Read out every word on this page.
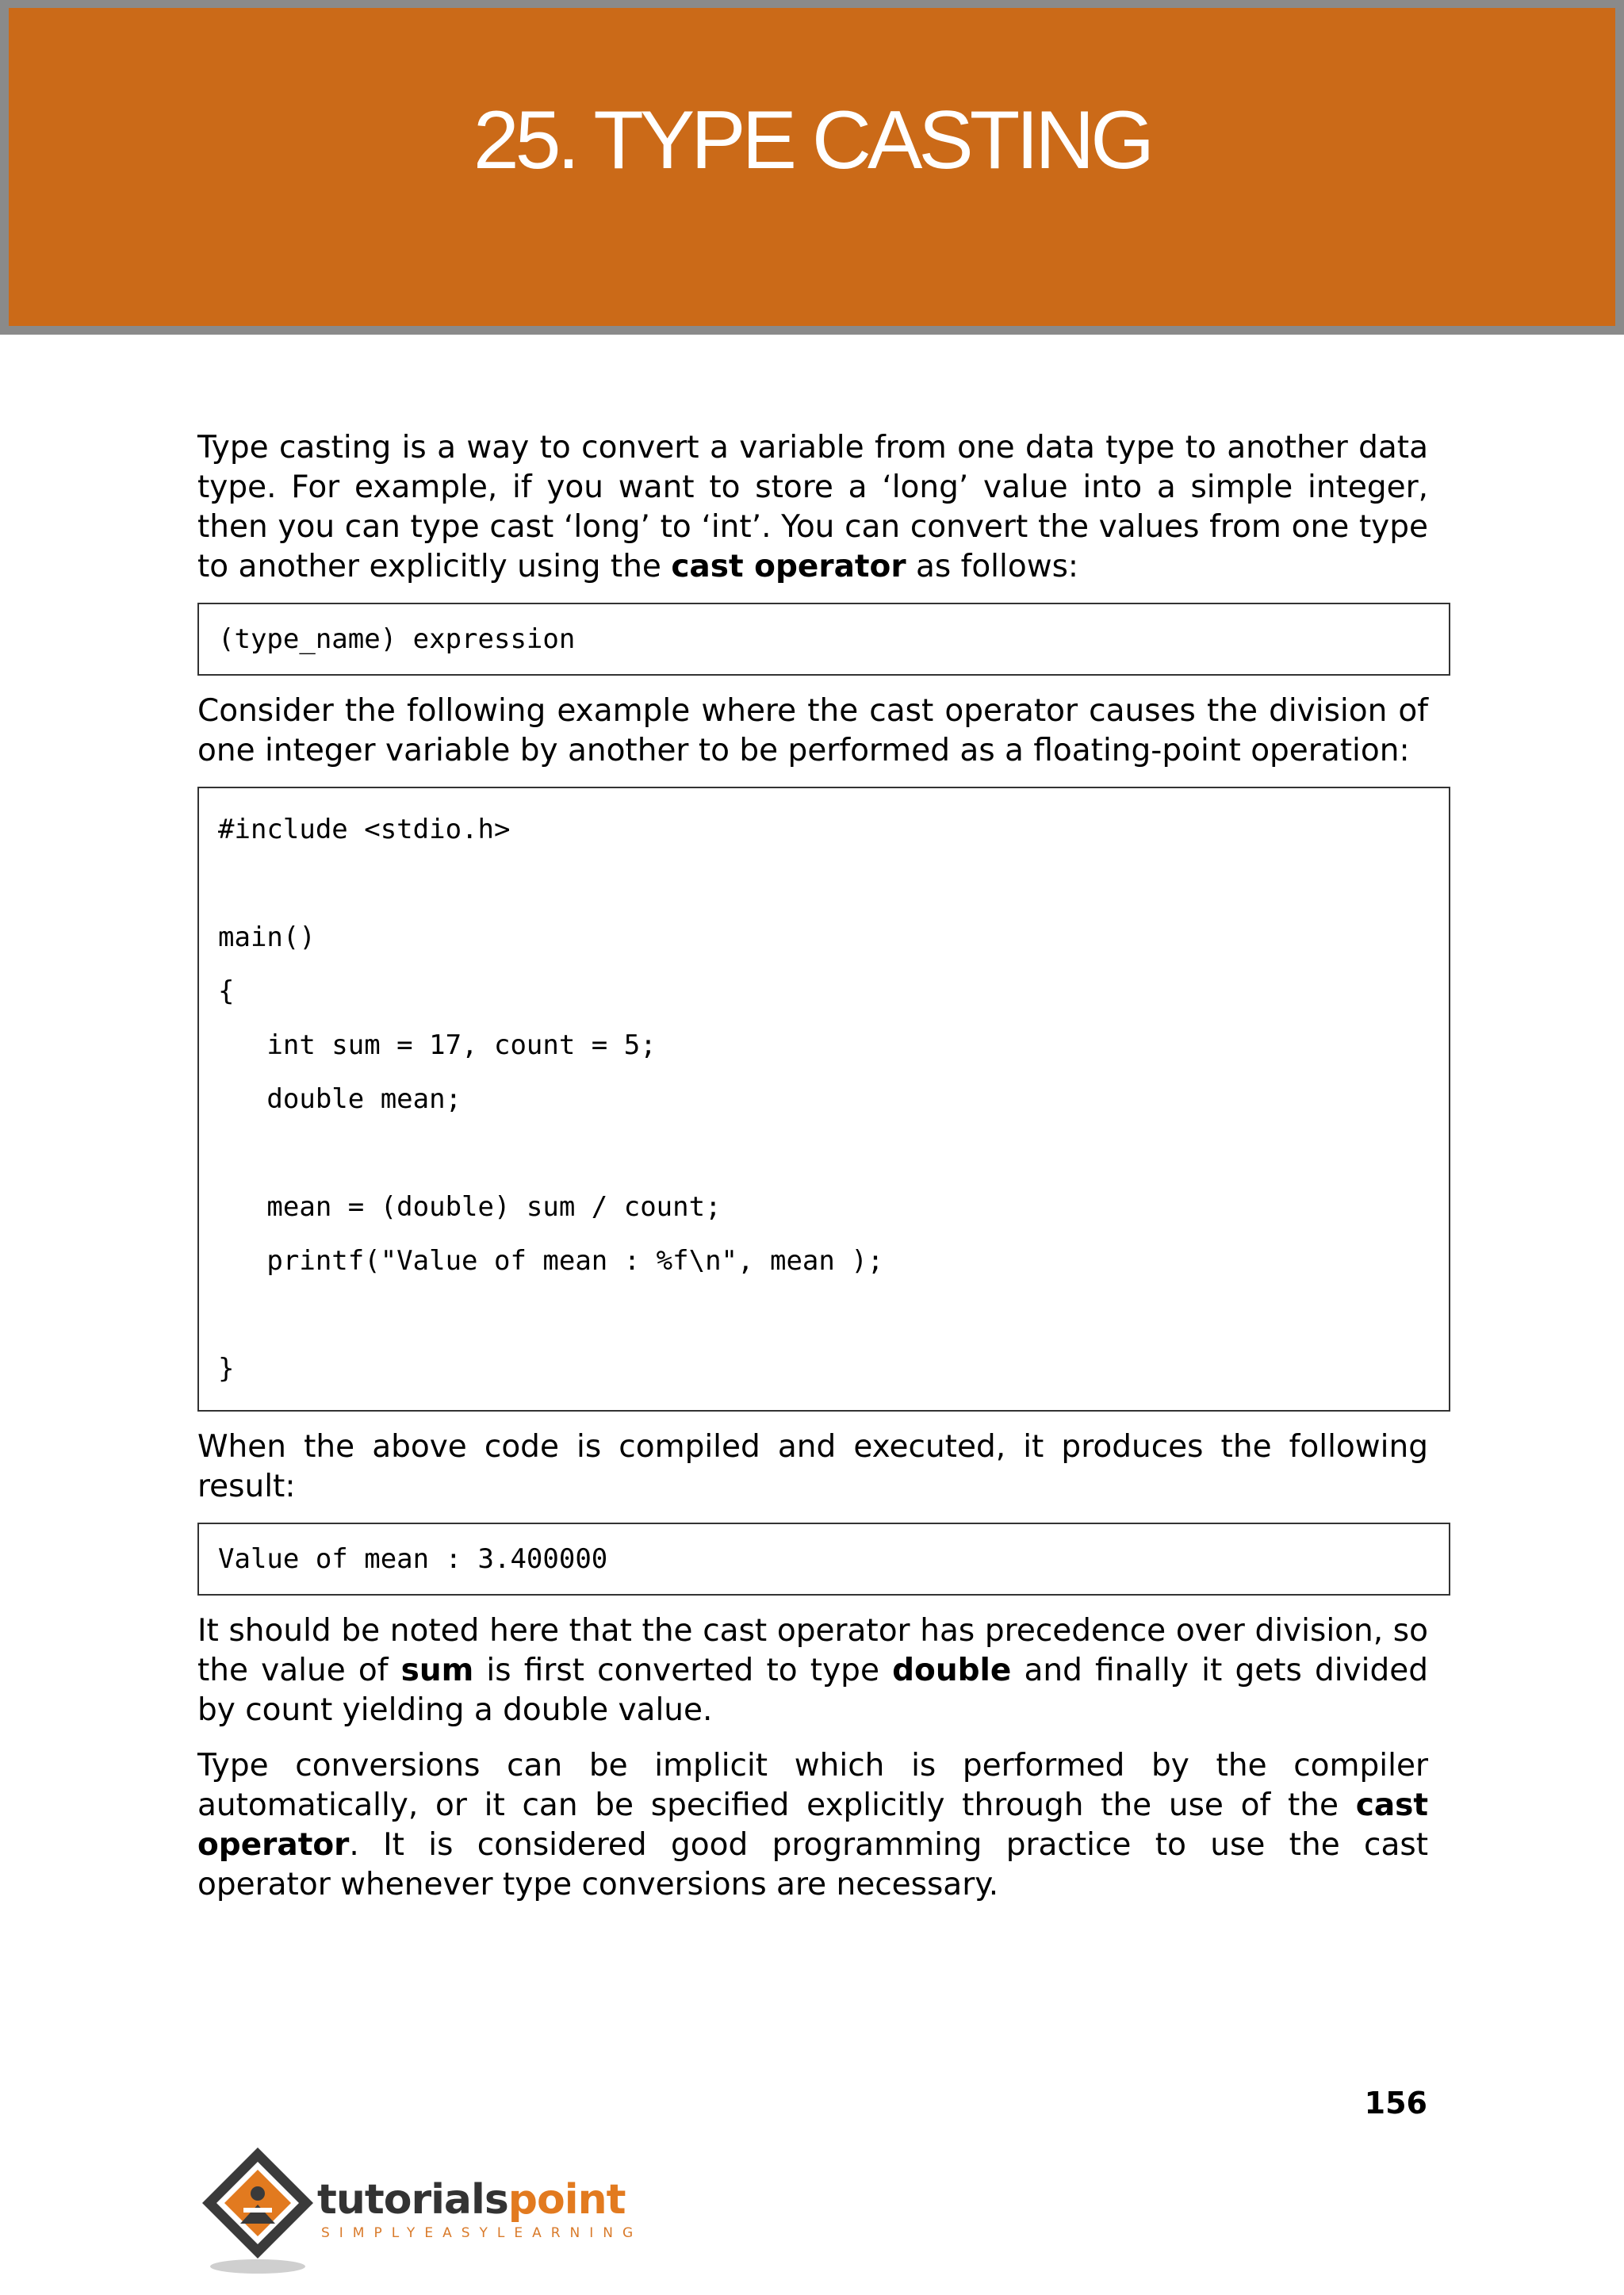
25. TYPE CASTING

Type casting is a way to convert a variable from one data type to another data type. For example, if you want to store a ‘long’ value into a simple integer, then you can type cast ‘long’ to ‘int’. You can convert the values from one type to another explicitly using the cast operator as follows:

(type_name) expression

Consider the following example where the cast operator causes the division of one integer variable by another to be performed as a floating-point operation:

#include <stdio.h>
main()
{
int sum = 17, count = 5;
double mean;
mean = (double) sum / count;
printf("Value of mean : %f\n", mean );
}

When the above code is compiled and executed, it produces the following result:

Value of mean : 3.400000

It should be noted here that the cast operator has precedence over division, so the value of sum is first converted to type double and finally it gets divided by count yielding a double value.

Type conversions can be implicit which is performed by the compiler automatically, or it can be specified explicitly through the use of the cast operator. It is considered good programming practice to use the cast operator whenever type conversions are necessary.

156
tutorialspoint
SIMPLYEASYLEARNING
